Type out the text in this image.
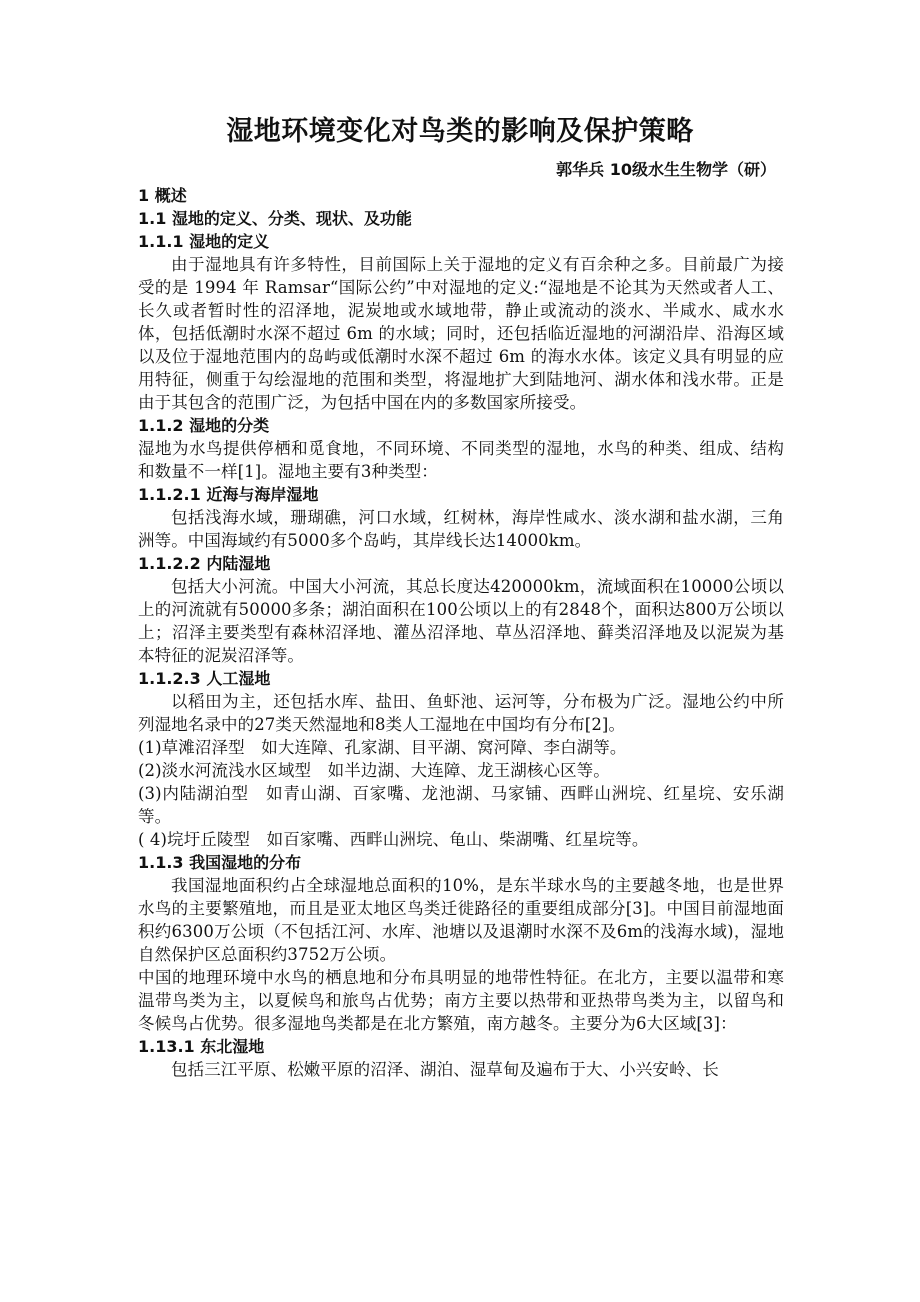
湿地环境变化对鸟类的影响及保护策略
郭华兵 10级水生生物学（研）
1 概述
1.1 湿地的定义、分类、现状、及功能
1.1.1 湿地的定义

由于湿地具有许多特性，目前国际上关于湿地的定义有百余种之多。目前最广为接受的是 1994 年 Ramsar“国际公约”中对湿地的定义:“湿地是不论其为天然或者人工、长久或者暂时性的沼泽地，泥炭地或水域地带，静止或流动的淡水、半咸水、咸水水体，包括低潮时水深不超过 6m 的水域；同时，还包括临近湿地的河湖沿岸、沿海区域以及位于湿地范围内的岛屿或低潮时水深不超过 6m 的海水水体。该定义具有明显的应用特征，侧重于勾绘湿地的范围和类型，将湿地扩大到陆地河、湖水体和浅水带。正是由于其包含的范围广泛，为包括中国在内的多数国家所接受。

1.1.2 湿地的分类

湿地为水鸟提供停栖和觅食地，不同环境、不同类型的湿地，水鸟的种类、组成、结构和数量不一样[1]。湿地主要有3种类型：

1.1.2.1 近海与海岸湿地

包括浅海水域，珊瑚礁，河口水域，红树林，海岸性咸水、淡水湖和盐水湖，三角洲等。中国海域约有5000多个岛屿，其岸线长达14000km。

1.1.2.2 内陆湿地

包括大小河流。中国大小河流，其总长度达420000km，流域面积在10000公顷以上的河流就有50000多条；湖泊面积在100公顷以上的有2848个，面积达800万公顷以上；沼泽主要类型有森林沼泽地、灌丛沼泽地、草丛沼泽地、藓类沼泽地及以泥炭为基本特征的泥炭沼泽等。

1.1.2.3 人工湿地

以稻田为主，还包括水库、盐田、鱼虾池、运河等，分布极为广泛。湿地公约中所列湿地名录中的27类天然湿地和8类人工湿地在中国均有分布[2]。

(1)草滩沼泽型　如大连障、孔家湖、目平湖、窝河障、李白湖等。

(2)淡水河流浅水区域型　如半边湖、大连障、龙王湖核心区等。

(3)内陆湖泊型　如青山湖、百家嘴、龙池湖、马家铺、西畔山洲垸、红星垸、安乐湖等。

( 4)垸圩丘陵型　如百家嘴、西畔山洲垸、龟山、柴湖嘴、红星垸等。

1.1.3 我国湿地的分布

我国湿地面积约占全球湿地总面积的10%，是东半球水鸟的主要越冬地，也是世界水鸟的主要繁殖地，而且是亚太地区鸟类迁徙路径的重要组成部分[3]。中国目前湿地面积约6300万公顷（不包括江河、水库、池塘以及退潮时水深不及6m的浅海水域)，湿地自然保护区总面积约3752万公顷。

中国的地理环境中水鸟的栖息地和分布具明显的地带性特征。在北方，主要以温带和寒温带鸟类为主，以夏候鸟和旅鸟占优势；南方主要以热带和亚热带鸟类为主，以留鸟和冬候鸟占优势。很多湿地鸟类都是在北方繁殖，南方越冬。主要分为6大区域[3]：

1.13.1 东北湿地

包括三江平原、松嫩平原的沼泽、湖泊、湿草甸及遍布于大、小兴安岭、长
